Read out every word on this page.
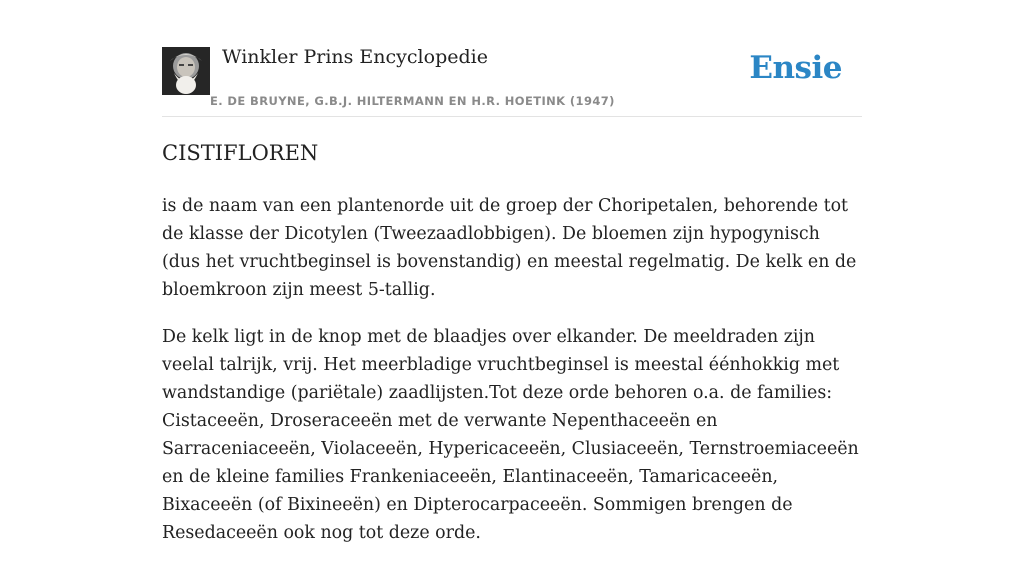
Winkler Prins Encyclopedie
E. DE BRUYNE, G.B.J. HILTERMANN EN H.R. HOETINK (1947)
Ensie
CISTIFLOREN

is de naam van een plantenorde uit de groep der Choripetalen, behorende tot de klasse der Dicotylen (Tweezaadlobbigen). De bloemen zijn hypogynisch (dus het vruchtbeginsel is bovenstandig) en meestal regelmatig. De kelk en de bloemkroon zijn meest 5-tallig.

De kelk ligt in de knop met de blaadjes over elkander. De meeldraden zijn veelal talrijk, vrij. Het meerbladige vruchtbeginsel is meestal éénhokkig met wandstandige (pariëtale) zaadlijsten.Tot deze orde behoren o.a. de families: Cistaceeën, Droseraceeën met de verwante Nepenthaceeën en Sarraceniaceeën, Violaceeën, Hypericaceeën, Clusiaceeën, Ternstroemiaceeën en de kleine families Frankeniaceeën, Elantinaceeën, Tamaricaceeën, Bixaceeën (of Bixineeën) en Dipterocarpaceeën. Sommigen brengen de Resedaceeën ook nog tot deze orde.
